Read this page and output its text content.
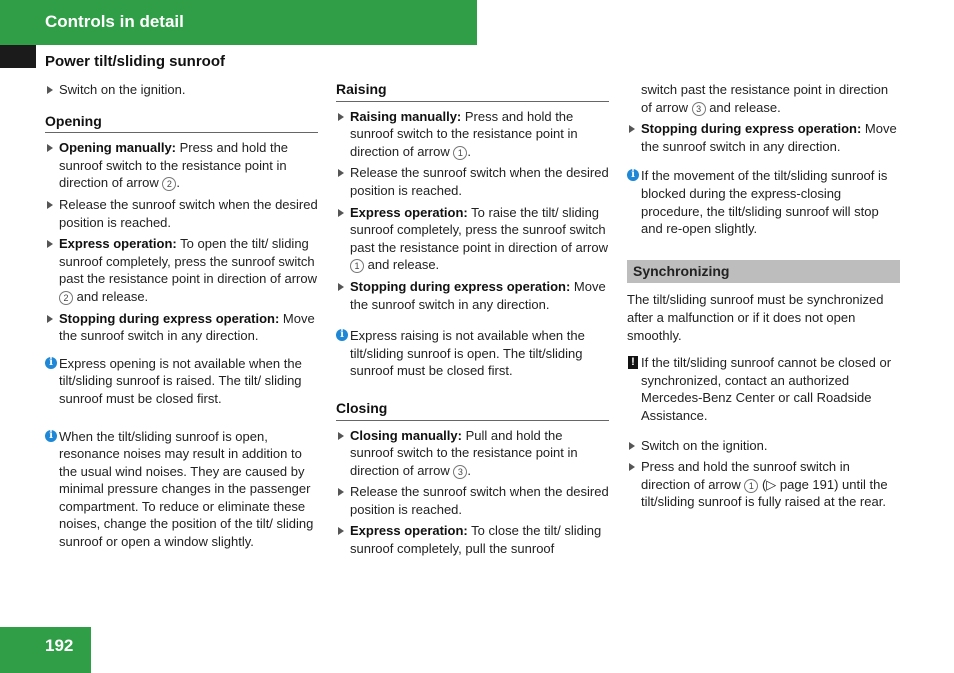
Controls in detail
Power tilt/sliding sunroof
Switch on the ignition.
Opening
Opening manually: Press and hold the sunroof switch to the resistance point in direction of arrow 2 .
Release the sunroof switch when the desired position is reached.
Express operation: To open the tilt/ sliding sunroof completely, press the sunroof switch past the resistance point in direction of arrow 2 and release.
Stopping during express operation: Move the sunroof switch in any direction.
i Express opening is not available when the tilt/sliding sunroof is raised. The tilt/ sliding sunroof must be closed first.
i When the tilt/sliding sunroof is open, resonance noises may result in addition to the usual wind noises. They are caused by minimal pressure changes in the passenger compartment. To reduce or eliminate these noises, change the position of the tilt/ sliding sunroof or open a window slightly.
Raising
Raising manually: Press and hold the sunroof switch to the resistance point in direction of arrow 1 .
Release the sunroof switch when the desired position is reached.
Express operation: To raise the tilt/ sliding sunroof completely, press the sunroof switch past the resistance point in direction of arrow 1 and release.
Stopping during express operation: Move the sunroof switch in any direction.
i Express raising is not available when the tilt/sliding sunroof is open. The tilt/sliding sunroof must be closed first.
Closing
Closing manually: Pull and hold the sunroof switch to the resistance point in direction of arrow 3 .
Release the sunroof switch when the desired position is reached.
Express operation: To close the tilt/ sliding sunroof completely, pull the sunroof
switch past the resistance point in direction of arrow 3 and release.
Stopping during express operation: Move the sunroof switch in any direction.
i If the movement of the tilt/sliding sunroof is blocked during the express-closing procedure, the tilt/sliding sunroof will stop and re-open slightly.
Synchronizing
The tilt/sliding sunroof must be synchronized after a malfunction or if it does not open smoothly.
! If the tilt/sliding sunroof cannot be closed or synchronized, contact an authorized Mercedes-Benz Center or call Roadside Assistance.
Switch on the ignition.
Press and hold the sunroof switch in direction of arrow 1 (▷ page 191) until the tilt/sliding sunroof is fully raised at the rear.
192
